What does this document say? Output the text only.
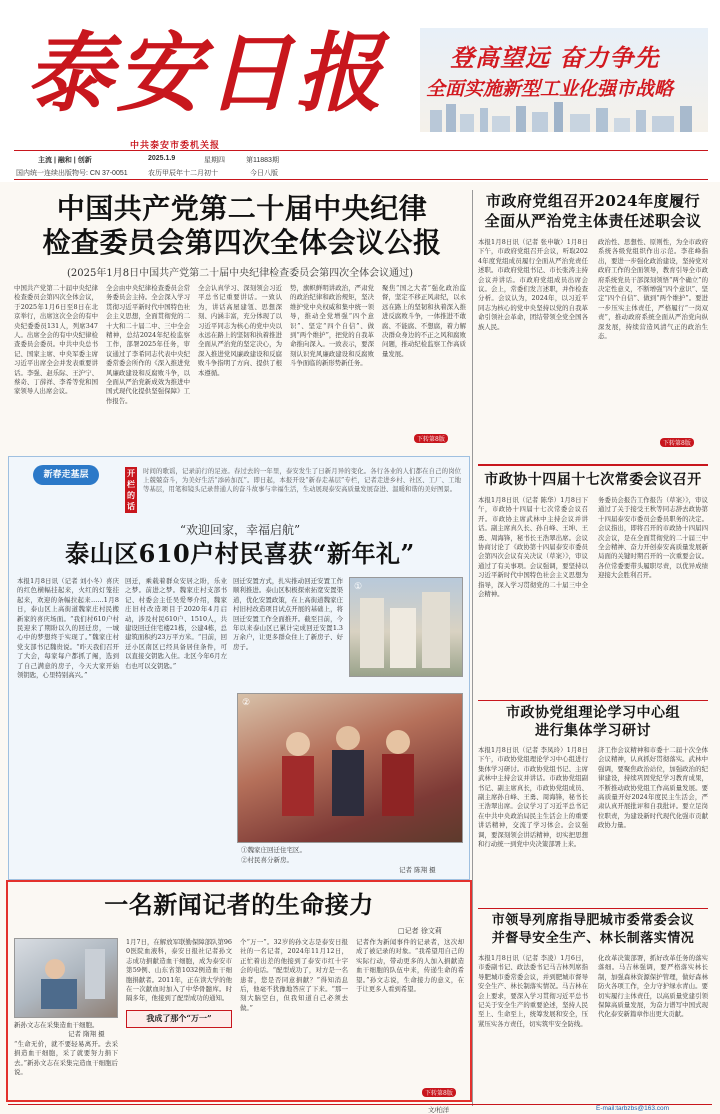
泰安日报
中共泰安市委机关报
登高望远 奋力争先
全面实施新型工业化强市战略
主流 | 融和 | 创新
国内统一连续出版物号: CN 37-0051
2025.1.9	星期四
农历甲辰年十二月初十
第11883期
今日八版
中国共产党第二十届中央纪律
检查委员会第四次全体会议公报
(2025年1月8日中国共产党第二十届中央纪律检查委员会第四次全体会议通过)
中国共产党第二十届中央纪律检查委员会第四次全体会议，于2025年1月6日至8日在北京举行，出席这次全会的有中央纪委委员131人，列席347人。出席全会的有中央纪律检查委员会委员。中共中央总书记、国家主席、中央军委主席习近平出席全会并发表重要讲话。李强、赵乐际、王沪宁、蔡奇、丁薛祥、李希等党和国家领导人出席会议。
全会由中央纪律检查委员会常务委员会主持。全会深入学习贯彻习近平新时代中国特色社会主义思想，全面贯彻党的二十大和二十届二中、三中全会精神，总结2024年纪检监察工作，部署2025年任务，审议通过了李希同志代表中央纪委常委会所作的《深入推进党风廉政建设和反腐败斗争，以全面从严治党新成效为推进中国式现代化提供坚强保障》工作报告。
全会认真学习、深刻领会习近平总书记重要讲话。一致认为，讲话高屋建瓴、思想深刻、内涵丰富，充分体现了以习近平同志为核心的党中央以永远在路上的坚韧和执着推进全面从严治党的坚定决心，为深入推进党风廉政建设和反腐败斗争指明了方向、提供了根本遵循。
势，旗帜鲜明讲政治，严肃党的政治纪律和政治规矩，坚决维护党中央权威和集中统一领导，推动全党增强“四个意识”、坚定“四个自信”、做到“两个维护”，把党的自我革命推向深入。一致表示，要深刻认识党风廉政建设和反腐败斗争面临的新形势新任务。
聚焦“国之大者”强化政治监督，坚定不移正风肃纪，以永远在路上的坚韧和执着深入推进反腐败斗争，一体推进不敢腐、不能腐、不想腐，着力解决群众身边的不正之风和腐败问题，推动纪检监察工作高质量发展。
下转第8版
市政府党组召开2024年度履行
全面从严治党主体责任述职会议
本报1月8日讯（记者 张申敏）1月8日下午，市政府党组召开会议，听取2024年度党组成员履行全面从严治党责任述职。市政府党组书记、市长张涛主持会议并讲话。市政府党组成员出席会议。会上，常委们发言述职，并作检查分析。会议认为，2024年，以习近平同志为核心的党中央坚持以党的自我革命引领社会革命，团结带领全党全国各族人民。
政治性、思想性、原则性，为全市政府系统各级党组织作出示范。李荏峰指出，要进一步强化政治建设，坚持党对政府工作的全面领导，教育引导全市政府系统党员干部深刻领悟“两个确立”的决定性意义，不断增强“四个意识”、坚定“四个自信”、做到“两个维护”。要进一步压实主体责任，严格履行“一岗双责”，推动政府系统全面从严治党向纵深发展，持续营造风清气正的政治生态。
下转第8版
新春走基层	开栏的话
时间的歌谣，记录前行的足迹。春过去的一年里，泰安发生了日新月异的变化。各行各业的人们都在自己的岗位上兢兢奋斗，为美好生活“添砖加瓦”。即日起，本报开设“新春走基层”专栏，记者走进乡村、社区、工厂、工地等基层，用笔和镜头记录普通人的奋斗故事与幸福生活，生动展现泰安高质量发展奋进、温暖和谐的美好图景。
“欢迎回家，幸福启航”
泰山区610户村民喜获“新年礼”
本报1月8日讯（记者 刘小冬）喜庆的红色横幅挂起来，火红的灯笼挂起来，欢迎的条幅拉起来……1月8日，泰山区上高街道魏家庄村民搬新家的喜庆场面。“我们村610户村民迎来了期盼以久的回迁房，一城心中的梦想终于实现了。”魏家庄村党支部书记魏贵说。“昨天我们召开了大会，每家每户都抓了阄，选到了自己满意的房子，今天大家开始领钥匙，心里特别高兴。”
回迁，乘载着群众安居之盼，乐业之梦。前进之梦。魏家庄村支部书记、村委会主任吴爱琴介绍，魏家庄旧村改造项目于2020年4月启动，涉及村民610户、1510人，共建设回迁住宅楼21栋，公建4栋，总建筑面积约23万平方米。“目前，回迁小区南区已经具备居住条件，可以直接交钥匙入住。北区今年6月左右也可以交钥匙。”
回迁安置方式，扎实推动回迁安置工作顺利推进。泰山区积极探索拓宽安置渠道，优化安置政策，在上高街道魏家庄村旧村改造项目试点开展的基础上，将回迁安置工作全面推开。截至目前，今年以来泰山区已累计完成回迁安置1.3万余户，让更多群众住上了新房子、好房子。
①
②
①魏家庄回迁住宅区。
②村民喜分新房。
记者 陈翔 摄
市政协十四届十七次常委会议召开
本报1月8日讯（记者 陈华）1月8日下午，市政协十四届十七次常委会议召开。市政协主席武林中主持会议并讲话。副主席真久长、孙自峰、王坤、王勇、周海锋，秘书长王浩翠出席。会议协商讨论了《政协第十四届泰安市委员会第四次会议有关决议（草案）》，审议通过了有关事项。会议强调，要坚持以习近平新时代中国特色社会主义思想为指导，深入学习贯彻党的二十届三中全会精神。
务委员会报告工作报告（草案）》，审议通过了关于接受王秋等同志辞去政协第十四届泰安市委员会委员职务的决定。会议指出，即将召开的市政协十四届四次会议，是在全面贯彻党的二十届三中全会精神、奋力开创泰安高质量发展新局面的关键时期召开的一次重要会议。各位常委要带头履职尽责，以优异成绩迎接大会胜利召开。
市政协党组理论学习中心组
进行集体学习研讨
本报1月8日讯（记者 李凤玲）1月8日下午，市政协党组理论学习中心组进行集体学习研讨。市政协党组书记、主席武林中主持会议并讲话。市政协党组副书记、副主席真长，市政协党组成员、副主席孙自峰、王勇、周海锋，秘书长王浩翠出席。会议学习了习近平总书记在中共中央政治局民主生活会上的重要讲话精神，交流了学习体会。会议强调，要深刻领会讲话精神，切实把思想和行动统一到党中央决策部署上来。
济工作会议精神和市委十二届十次全体会议精神，认真抓好贯彻落实。武林中强调，要聚焦政治站位，加强政治的纪律建设，持续巩固党纪学习教育成果，不断推动政协党组工作高质量发展。要高质量开好2024年度民主生活会，严肃认真开展批评和自我批评。要立足岗位职责，为建设新时代现代化强市贡献政协力量。
一名新闻记者的生命接力
□记者 徐文莉
新孙文志在采集造血干细胞。
记者 隋翔 摄
“生命无价，就不要轻易离开。去采捐造血干细胞，采了就要努力捐下去。”新孙文志在采集完造血干细胞后说。
1月7日，在解放军联勤保障部队第960医院血液科，泰安日报社记者孙文志成功捐献造血干细胞，成为泰安市第59例、山东省第1032例造血干细胞捐献者。2011年，正在读大学的他在一次献血时加入了中华骨髓库。时隔多年，他接到了配型成功的通知。
我成了那个“万一”
个“万一”。32岁的孙文志是泰安日报社的一名记者，2024年11月12日，正忙着出差的他接到了泰安市红十字会的电话。“配型成功了，对方是一名患者，您是否同意捐献？”得知消息后，他毫不犹豫地答应了下来。“那一刻大脑空白，但我知道自己必须去做。”
记者作为新闻事件的记录者，这次却成了被记录的对象。“我希望用自己的实际行动，带动更多的人加入捐献造血干细胞的队伍中来，传递生命的希望。”孙文志说，生命接力的意义，在于让更多人看到希望。
下转第8版
市领导列席指导肥城市委常委会议
并督导安全生产、林长制落实情况
本报1月8日讯（记者 李凌）1月6日，市委副书记、政法委书记马吉林列席指导肥城市委常委会议，并到肥城市督导安全生产、林长制落实情况。马吉林在会上要求，要深入学习贯彻习近平总书记关于安全生产的重要论述，坚持人民至上、生命至上，统筹发展和安全，压紧压实各方责任，切实筑牢安全防线。
化改革决策部署，抓好改革任务的落实落细。马吉林强调，要严格落实林长制，加强森林资源保护管理，做好森林防火各项工作，全力守护绿水青山。要切实履行主体责任，以高质量党建引领保障高质量发展，为奋力谱写中国式现代化泰安新篇章作出更大贡献。
文/柏洋	E-mail:tarbzbs@163.com
